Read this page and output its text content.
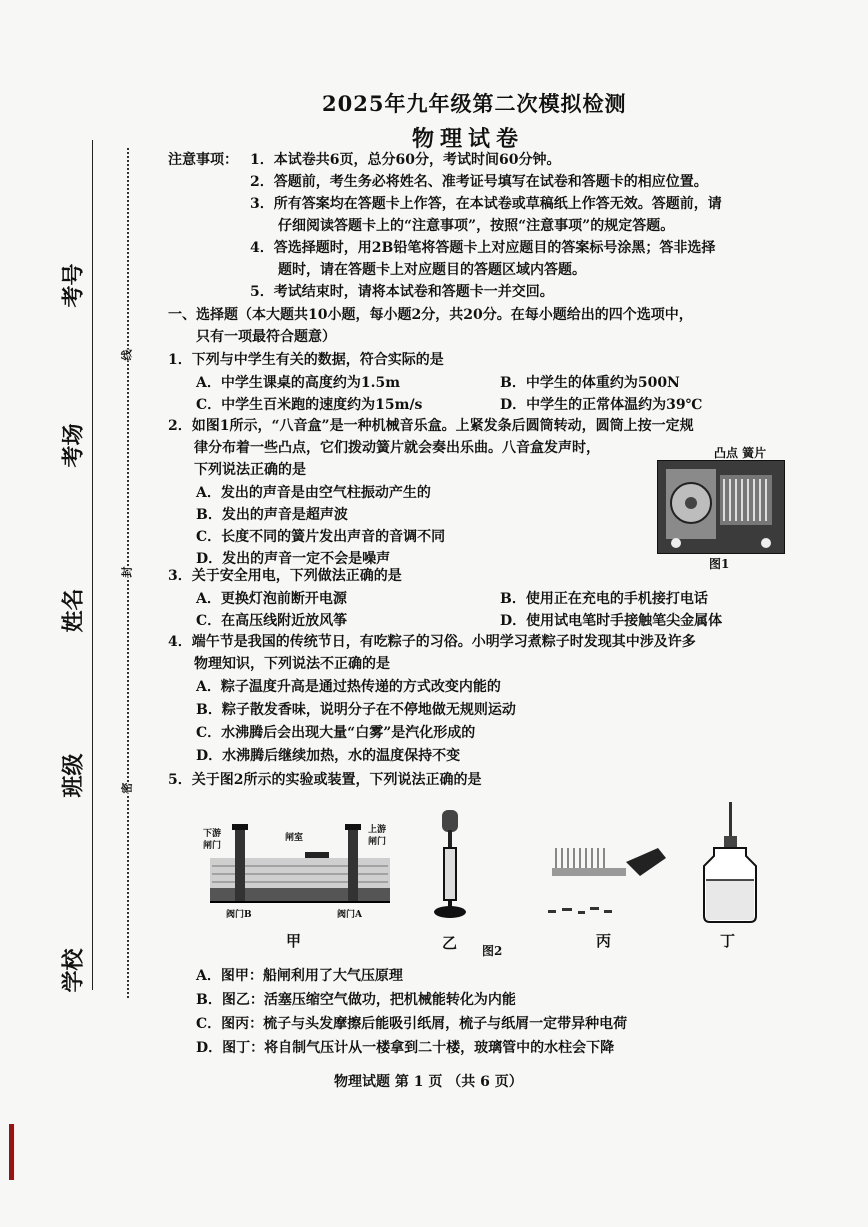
考号
考场
姓名
班级
学校
线
封
密
2025年九年级第二次模拟检测
物理试卷
注意事项： 1．本试卷共6页，总分60分，考试时间60分钟。
2．答题前，考生务必将姓名、准考证号填写在试卷和答题卡的相应位置。
3．所有答案均在答题卡上作答，在本试卷或草稿纸上作答无效。答题前，请
仔细阅读答题卡上的“注意事项”，按照“注意事项”的规定答题。
4．答选择题时，用2B铅笔将答题卡上对应题目的答案标号涂黑；答非选择
题时，请在答题卡上对应题目的答题区域内答题。
5．考试结束时，请将本试卷和答题卡一并交回。
一、选择题（本大题共10小题，每小题2分，共20分。在每小题给出的四个选项中，
只有一项最符合题意）
1．下列与中学生有关的数据，符合实际的是
A．中学生课桌的高度约为1.5m	B．中学生的体重约为500N
C．中学生百米跑的速度约为15m/s	D．中学生的正常体温约为39℃
2．如图1所示，“八音盒”是一种机械音乐盒。上紧发条后圆筒转动，圆筒上按一定规
律分布着一些凸点，它们拨动簧片就会奏出乐曲。八音盒发声时，
下列说法正确的是
A．发出的声音是由空气柱振动产生的
B．发出的声音是超声波
C．长度不同的簧片发出声音的音调不同
D．发出的声音一定不会是噪声
凸点 簧片
图1
3．关于安全用电，下列做法正确的是
A．更换灯泡前断开电源	B．使用正在充电的手机接打电话
C．在高压线附近放风筝	D．使用试电笔时手接触笔尖金属体
4．端午节是我国的传统节日，有吃粽子的习俗。小明学习煮粽子时发现其中涉及许多
物理知识，下列说法不正确的是
A．粽子温度升高是通过热传递的方式改变内能的
B．粽子散发香味，说明分子在不停地做无规则运动
C．水沸腾后会出现大量“白雾”是汽化形成的
D．水沸腾后继续加热，水的温度保持不变
5．关于图2所示的实验或装置，下列说法正确的是
下游
闸门
闸室
上游
闸门
阀门B	阀门A
甲	乙 图2
丙	丁
A．图甲：船闸利用了大气压原理
B．图乙：活塞压缩空气做功，把机械能转化为内能
C．图丙：梳子与头发摩擦后能吸引纸屑，梳子与纸屑一定带异种电荷
D．图丁：将自制气压计从一楼拿到二十楼，玻璃管中的水柱会下降
物理试题 第 1 页 （共 6 页）
